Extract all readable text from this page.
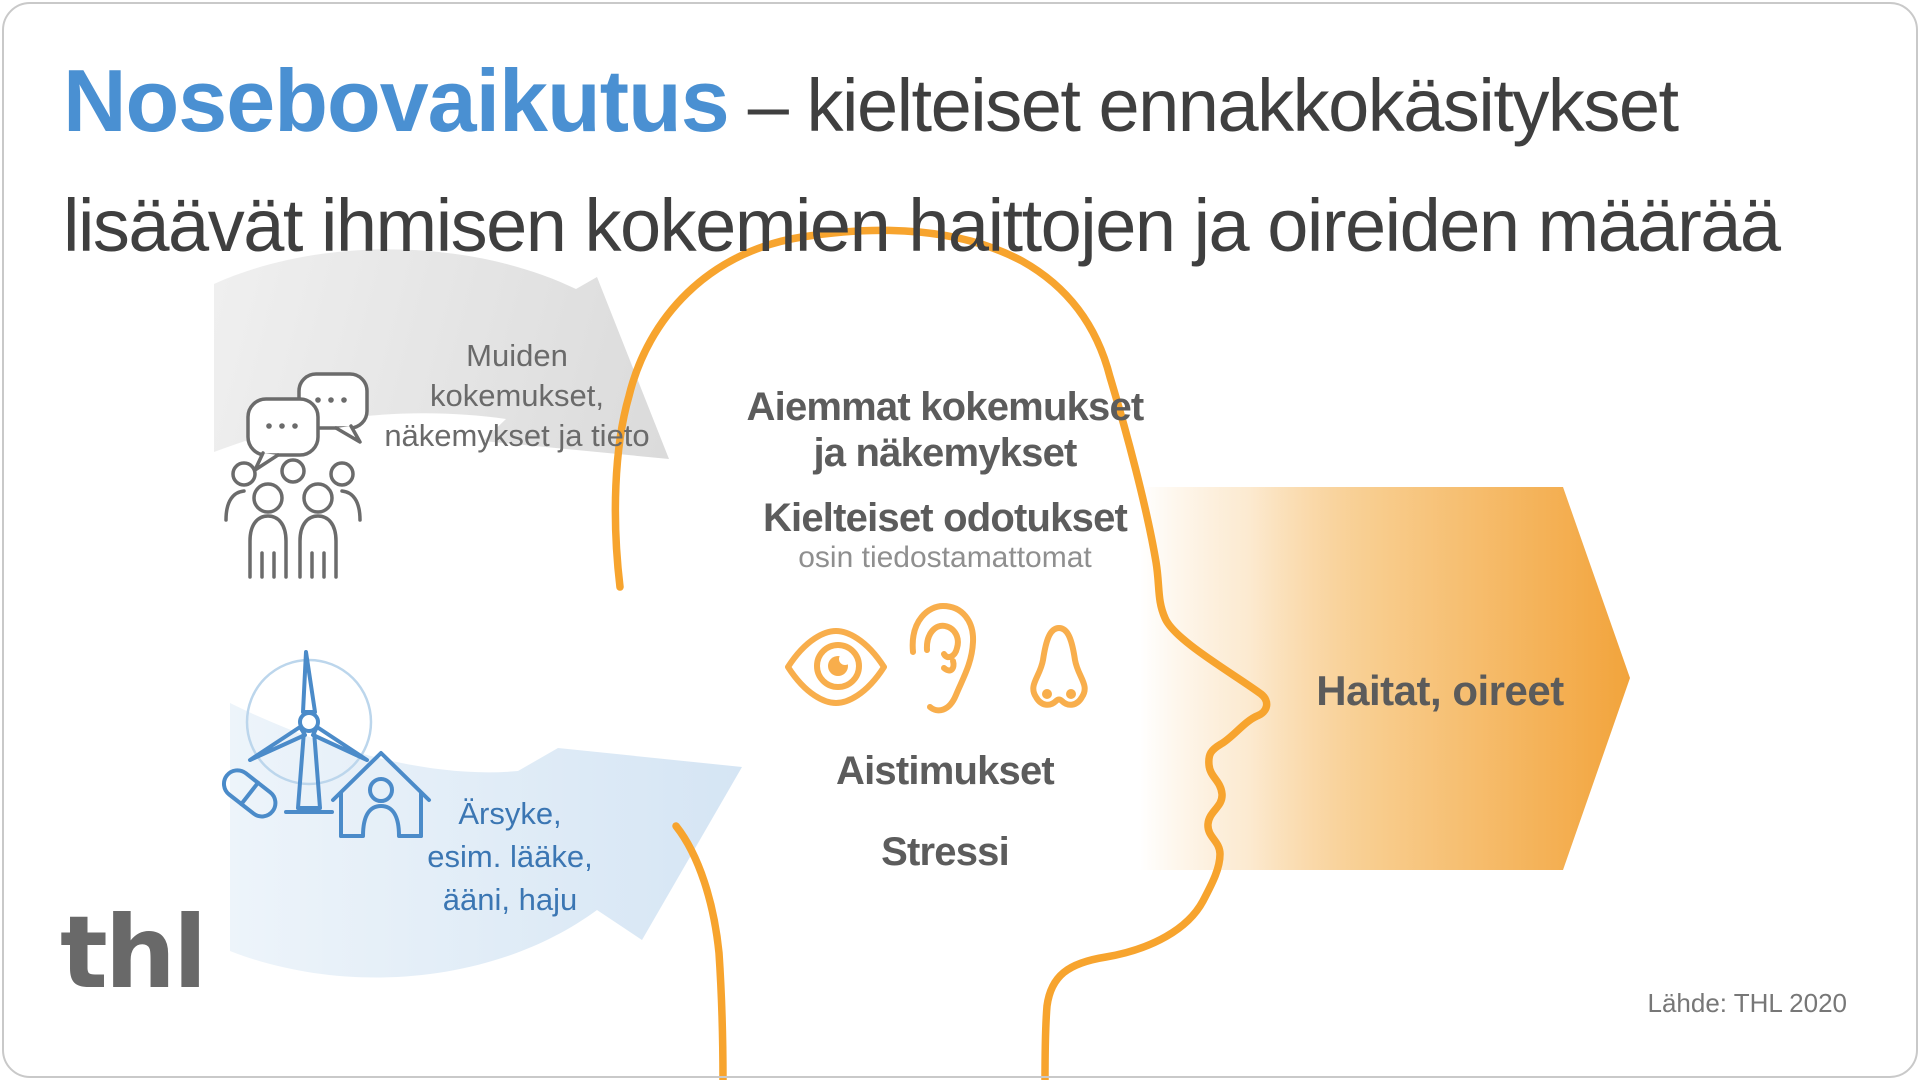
Nosebovaikutus – kielteiset ennakkokäsitykset
lisäävät ihmisen kokemien haittojen ja oireiden määrää
Muiden
kokemukset,
näkemykset ja tieto
Ärsyke,
esim. lääke,
ääni, haju
Aiemmat kokemukset
ja näkemykset
Kielteiset odotukset
osin tiedostamattomat
Aistimukset
Stressi
Haitat, oireet
thl	Lähde: THL 2020
